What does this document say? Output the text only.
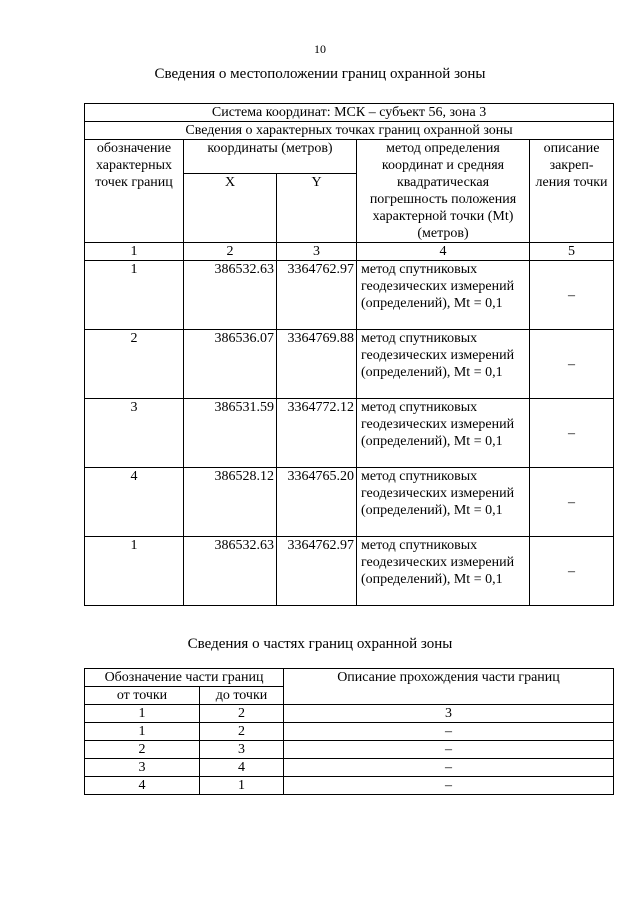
10
Сведения о местоположении границ охранной зоны
Система координат: МСК – субъект 56, зона 3				
Сведения о характерных точках границ охранной зоны				
обозначение характерных точек границ	координаты (метров)		метод определения координат и средняя квадратическая погрешность положения характерной точки (Mt) (метров)	описание закреп-ления точки
	X	Y		
1	2	3	4	5
1	386532.63	3364762.97	метод спутниковых геодезических измерений (определений), Mt = 0,1	–
2	386536.07	3364769.88	метод спутниковых геодезических измерений (определений), Mt = 0,1	–
3	386531.59	3364772.12	метод спутниковых геодезических измерений (определений), Mt = 0,1	–
4	386528.12	3364765.20	метод спутниковых геодезических измерений (определений), Mt = 0,1	–
1	386532.63	3364762.97	метод спутниковых геодезических измерений (определений), Mt = 0,1	–
Сведения о частях границ охранной зоны
Обозначение части границ		Описание прохождения части границ
от точки	до точки	
1	2	3
1	2	–
2	3	–
3	4	–
4	1	–
